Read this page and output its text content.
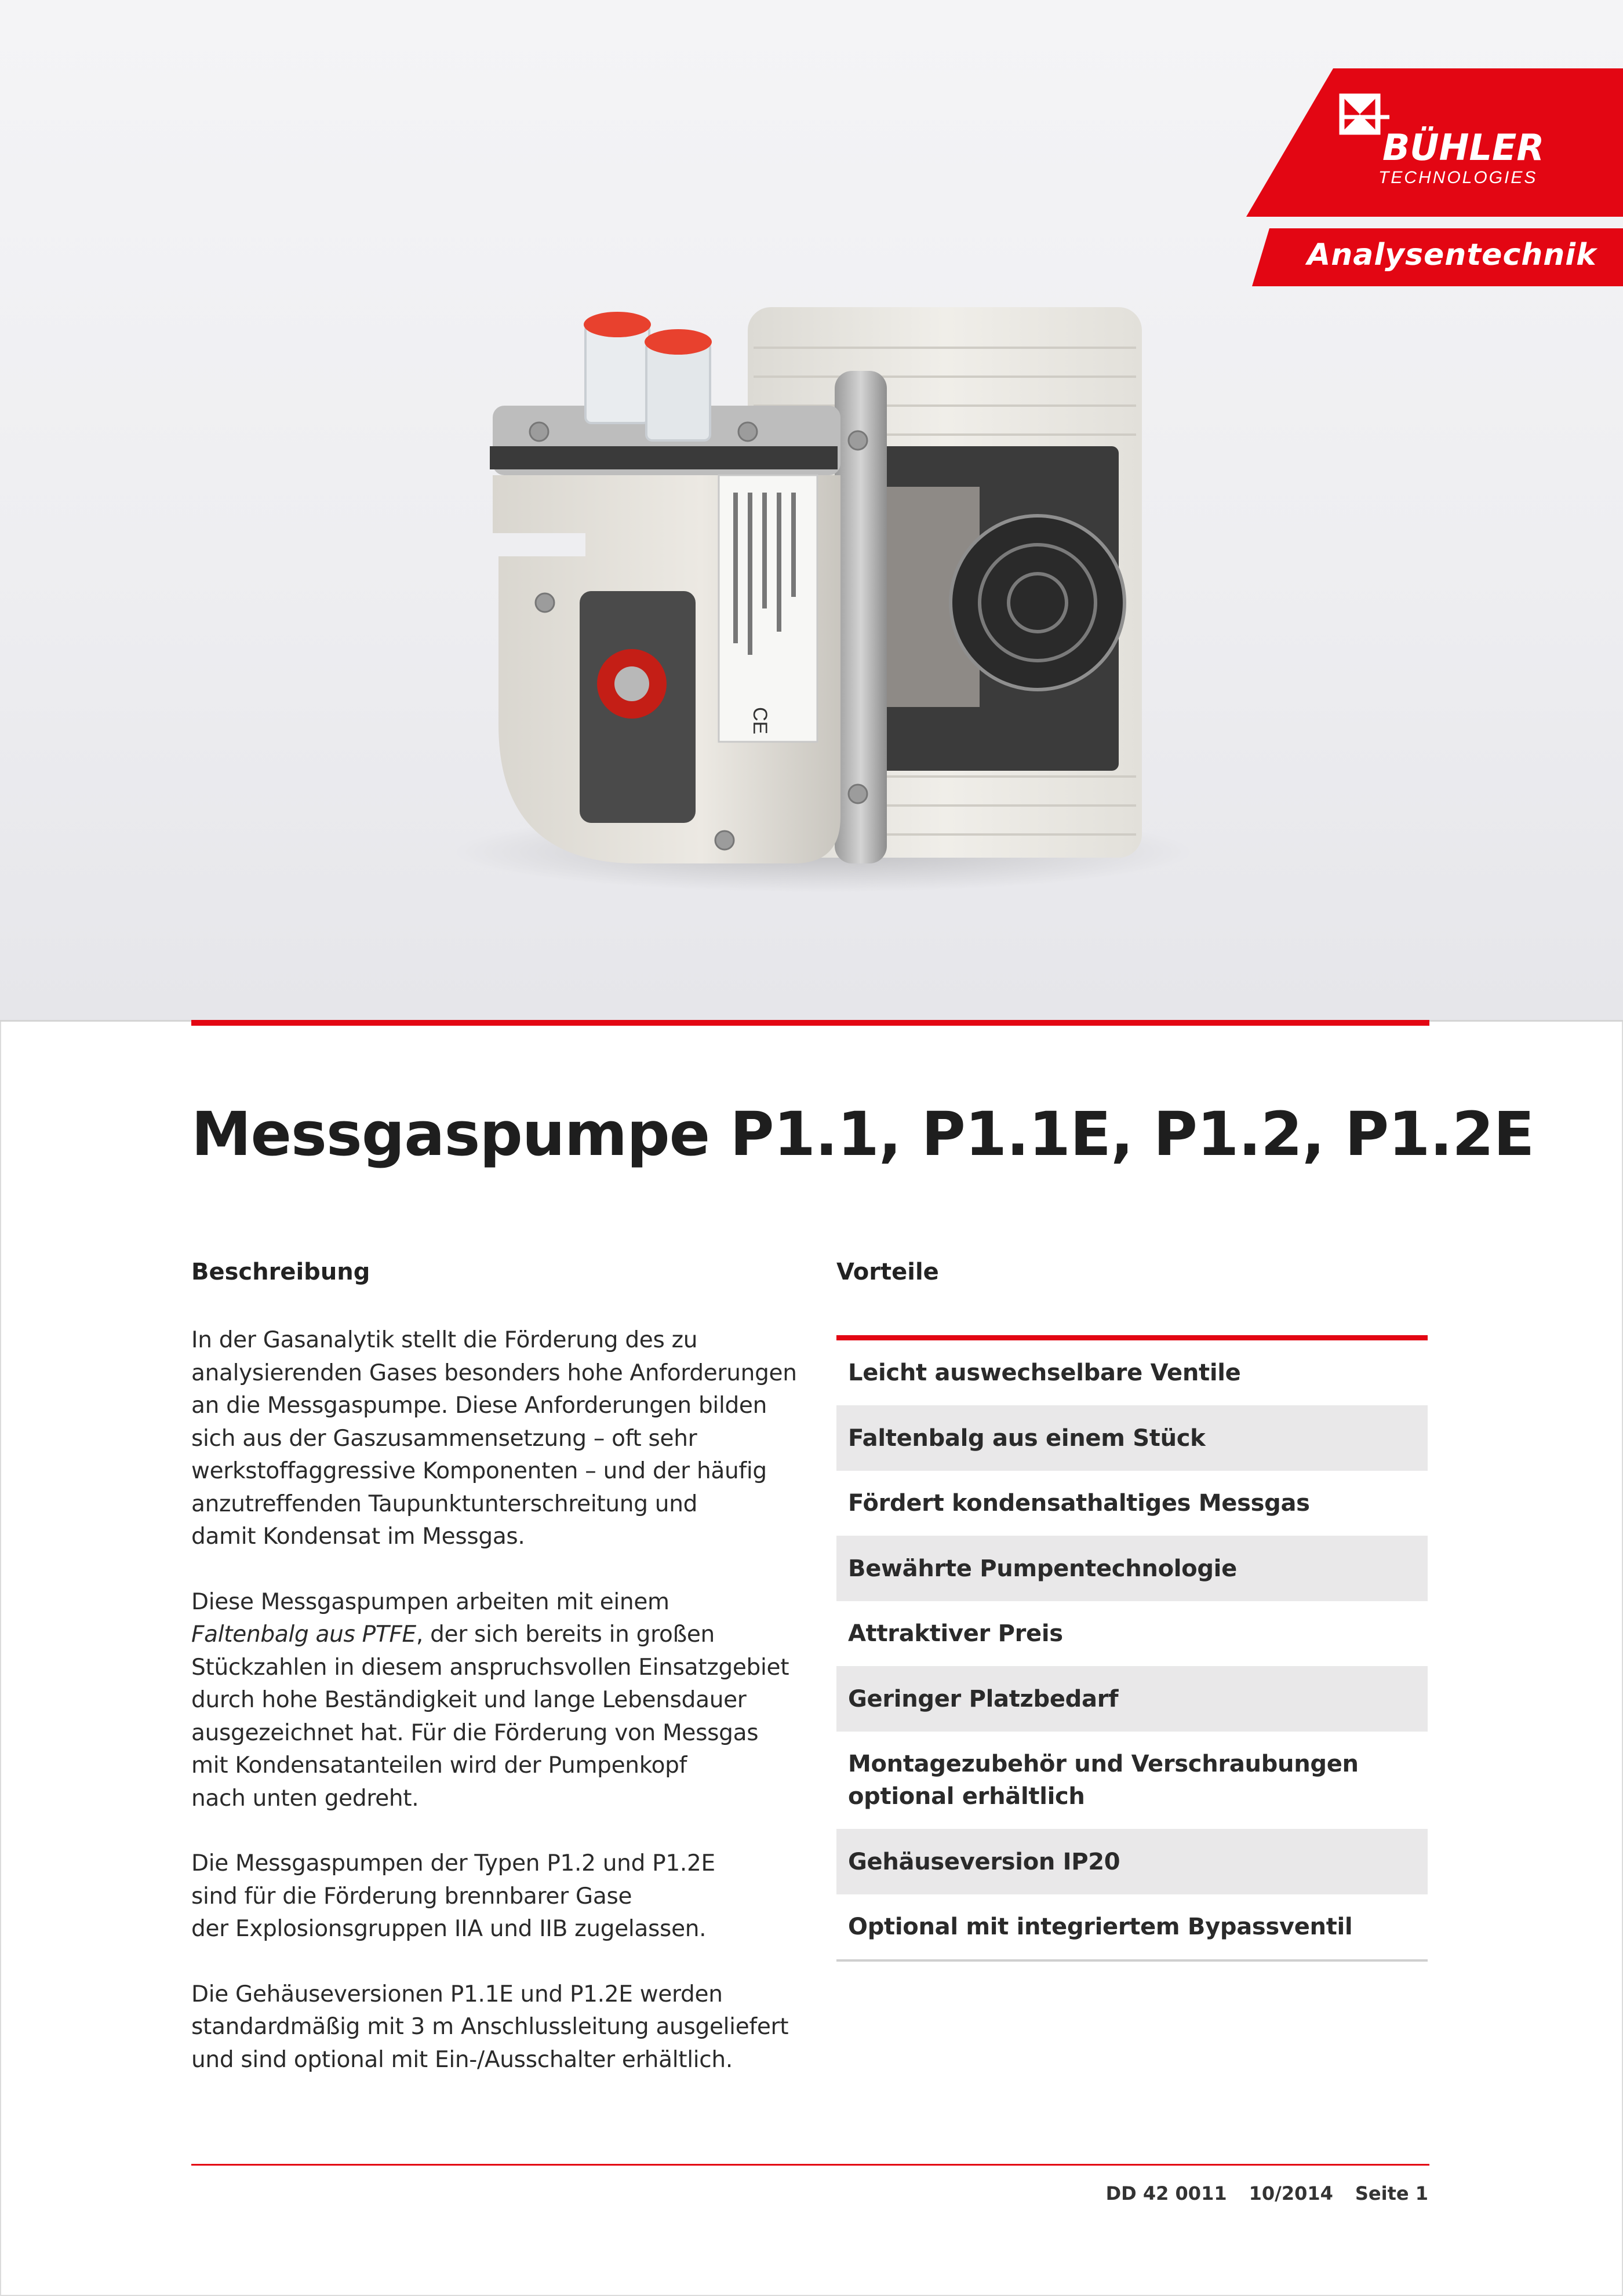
CE
BÜHLER
TECHNOLOGIES
Analysentechnik
Messgaspumpe P1.1, P1.1E, P1.2, P1.2E
Beschreibung	Vorteile

In der Gasanalytik stellt die Förderung des zu
analysierenden Gases besonders hohe Anforderungen
an die Messgaspumpe. Diese Anforderungen bilden
sich aus der Gaszusammensetzung – oft sehr
werkstoffaggressive Komponenten – und der häufig
anzutreffenden Taupunktunterschreitung und
damit Kondensat im Messgas.

Diese Messgaspumpen arbeiten mit einem
Faltenbalg aus PTFE, der sich bereits in großen
Stückzahlen in diesem anspruchsvollen Einsatzgebiet
durch hohe Beständigkeit und lange Lebensdauer
ausgezeichnet hat. Für die Förderung von Messgas
mit Kondensatanteilen wird der Pumpenkopf
nach unten gedreht.

Die Messgaspumpen der Typen P1.2 und P1.2E
sind für die Förderung brennbarer Gase
der Explosionsgruppen IIA und IIB zugelassen.

Die Gehäuseversionen P1.1E und P1.2E werden
standardmäßig mit 3 m Anschlussleitung ausgeliefert
und sind optional mit Ein-/Ausschalter erhältlich.

Leicht auswechselbare Ventile
Faltenbalg aus einem Stück
Fördert kondensathaltiges Messgas
Bewährte Pumpentechnologie
Attraktiver Preis
Geringer Platzbedarf
Montagezubehör und Verschraubungen
optional erhältlich
Gehäuseversion IP20
Optional mit integriertem Bypassventil
DD 42 0011 10/2014 Seite 1
